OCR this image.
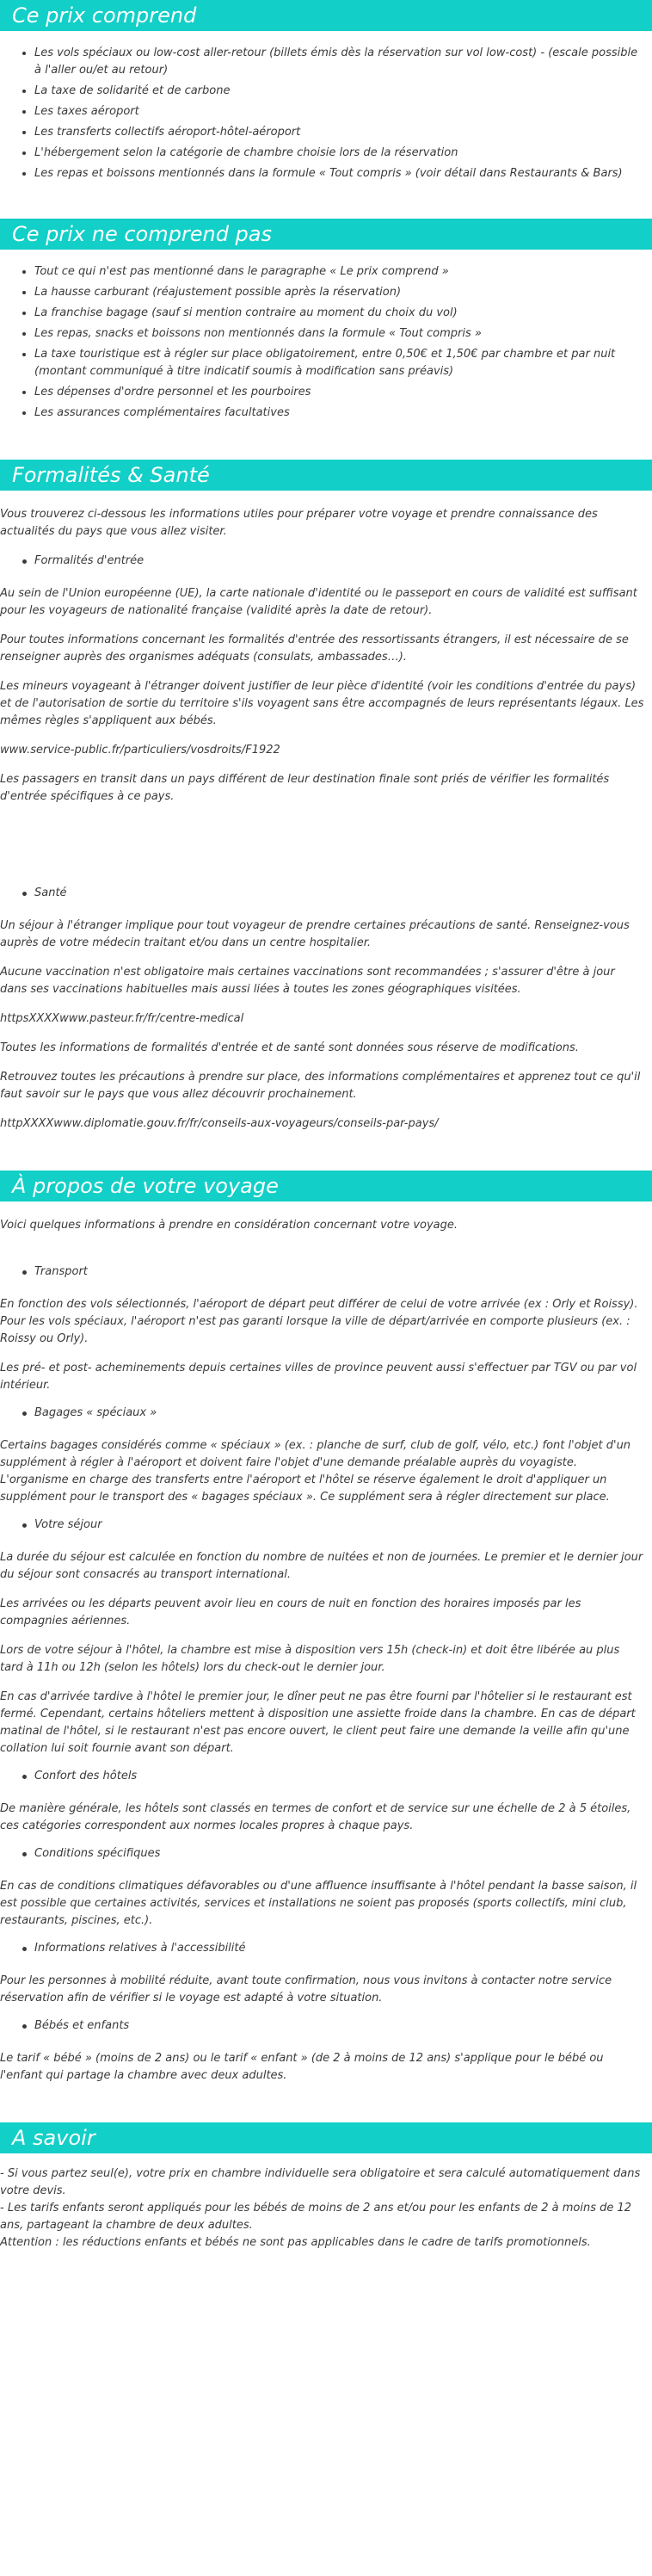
Ce prix comprend
• Les vols spéciaux ou low-cost aller-retour (billets émis dès la réservation sur vol low-cost) - (escale possible à l'aller ou/et au retour)
• La taxe de solidarité et de carbone
• Les taxes aéroport
• Les transferts collectifs aéroport-hôtel-aéroport
• L'hébergement selon la catégorie de chambre choisie lors de la réservation
• Les repas et boissons mentionnés dans la formule « Tout compris » (voir détail dans Restaurants & Bars)
Ce prix ne comprend pas
• Tout ce qui n'est pas mentionné dans le paragraphe « Le prix comprend »
• La hausse carburant (réajustement possible après la réservation)
• La franchise bagage (sauf si mention contraire au moment du choix du vol)
• Les repas, snacks et boissons non mentionnés dans la formule « Tout compris »
• La taxe touristique est à régler sur place obligatoirement, entre 0,50€ et 1,50€ par chambre et par nuit (montant communiqué à titre indicatif soumis à modification sans préavis)
• Les dépenses d'ordre personnel et les pourboires
• Les assurances complémentaires facultatives
Formalités & Santé

Vous trouverez ci-dessous les informations utiles pour préparer votre voyage et prendre connaissance des actualités du pays que vous allez visiter.

Formalités d'entrée

Au sein de l'Union européenne (UE), la carte nationale d'identité ou le passeport en cours de validité est suffisant pour les voyageurs de nationalité française (validité après la date de retour).

Pour toutes informations concernant les formalités d'entrée des ressortissants étrangers, il est nécessaire de se renseigner auprès des organismes adéquats (consulats, ambassades…).

Les mineurs voyageant à l'étranger doivent justifier de leur pièce d'identité (voir les conditions d'entrée du pays) et de l'autorisation de sortie du territoire s'ils voyagent sans être accompagnés de leurs représentants légaux. Les mêmes règles s'appliquent aux bébés.

www.service-public.fr/particuliers/vosdroits/F1922

Les passagers en transit dans un pays différent de leur destination finale sont priés de vérifier les formalités d'entrée spécifiques à ce pays.

Santé

Un séjour à l'étranger implique pour tout voyageur de prendre certaines précautions de santé. Renseignez-vous auprès de votre médecin traitant et/ou dans un centre hospitalier.

Aucune vaccination n'est obligatoire mais certaines vaccinations sont recommandées ; s'assurer d'être à jour dans ses vaccinations habituelles mais aussi liées à toutes les zones géographiques visitées.

httpsXXXXwww.pasteur.fr/fr/centre-medical

Toutes les informations de formalités d'entrée et de santé sont données sous réserve de modifications.

Retrouvez toutes les précautions à prendre sur place, des informations complémentaires et apprenez tout ce qu'il faut savoir sur le pays que vous allez découvrir prochainement.

httpXXXXwww.diplomatie.gouv.fr/fr/conseils-aux-voyageurs/conseils-par-pays/

À propos de votre voyage

Voici quelques informations à prendre en considération concernant votre voyage.

Transport

En fonction des vols sélectionnés, l'aéroport de départ peut différer de celui de votre arrivée (ex : Orly et Roissy). Pour les vols spéciaux, l'aéroport n'est pas garanti lorsque la ville de départ/arrivée en comporte plusieurs (ex. : Roissy ou Orly).

Les pré- et post- acheminements depuis certaines villes de province peuvent aussi s'effectuer par TGV ou par vol intérieur.

Bagages « spéciaux »

Certains bagages considérés comme « spéciaux » (ex. : planche de surf, club de golf, vélo, etc.) font l'objet d'un supplément à régler à l'aéroport et doivent faire l'objet d'une demande préalable auprès du voyagiste. L'organisme en charge des transferts entre l'aéroport et l'hôtel se réserve également le droit d'appliquer un supplément pour le transport des « bagages spéciaux ». Ce supplément sera à régler directement sur place.

Votre séjour

La durée du séjour est calculée en fonction du nombre de nuitées et non de journées. Le premier et le dernier jour du séjour sont consacrés au transport international.

Les arrivées ou les départs peuvent avoir lieu en cours de nuit en fonction des horaires imposés par les compagnies aériennes.

Lors de votre séjour à l'hôtel, la chambre est mise à disposition vers 15h (check-in) et doit être libérée au plus tard à 11h ou 12h (selon les hôtels) lors du check-out le dernier jour.

En cas d'arrivée tardive à l'hôtel le premier jour, le dîner peut ne pas être fourni par l'hôtelier si le restaurant est fermé. Cependant, certains hôteliers mettent à disposition une assiette froide dans la chambre. En cas de départ matinal de l'hôtel, si le restaurant n'est pas encore ouvert, le client peut faire une demande la veille afin qu'une collation lui soit fournie avant son départ.

Confort des hôtels

De manière générale, les hôtels sont classés en termes de confort et de service sur une échelle de 2 à 5 étoiles, ces catégories correspondent aux normes locales propres à chaque pays.

Conditions spécifiques

En cas de conditions climatiques défavorables ou d'une affluence insuffisante à l'hôtel pendant la basse saison, il est possible que certaines activités, services et installations ne soient pas proposés (sports collectifs, mini club, restaurants, piscines, etc.).

Informations relatives à l'accessibilité

Pour les personnes à mobilité réduite, avant toute confirmation, nous vous invitons à contacter notre service réservation afin de vérifier si le voyage est adapté à votre situation.

Bébés et enfants

Le tarif « bébé » (moins de 2 ans) ou le tarif « enfant » (de 2 à moins de 12 ans) s'applique pour le bébé ou l'enfant qui partage la chambre avec deux adultes.

A savoir

- Si vous partez seul(e), votre prix en chambre individuelle sera obligatoire et sera calculé automatiquement dans votre devis.

- Les tarifs enfants seront appliqués pour les bébés de moins de 2 ans et/ou pour les enfants de 2 à moins de 12 ans, partageant la chambre de deux adultes.

Attention : les réductions enfants et bébés ne sont pas applicables dans le cadre de tarifs promotionnels.
